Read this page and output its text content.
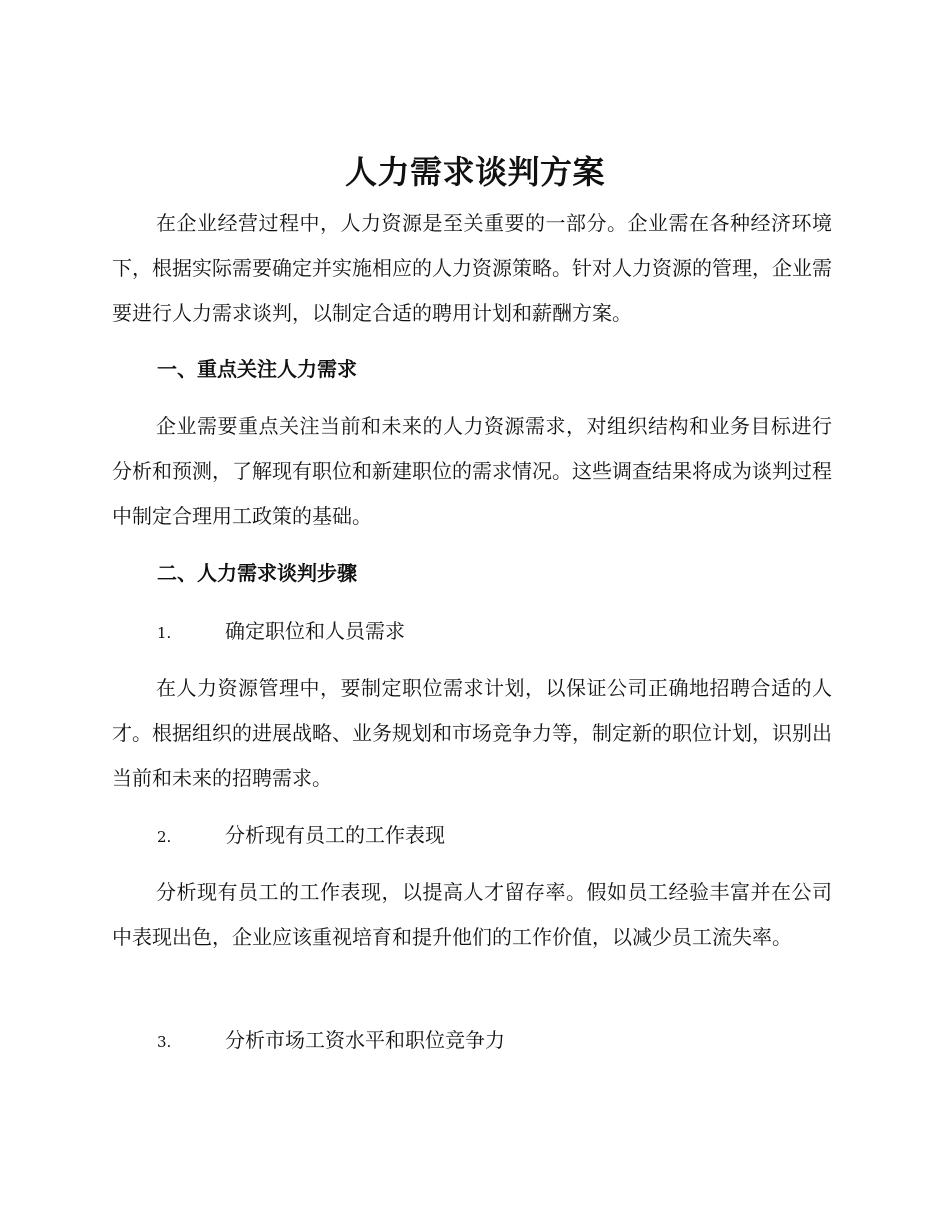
人力需求谈判方案
在企业经营过程中，人力资源是至关重要的一部分。企业需在各种经济环境下，根据实际需要确定并实施相应的人力资源策略。针对人力资源的管理，企业需要进行人力需求谈判，以制定合适的聘用计划和薪酬方案。
一、重点关注人力需求
企业需要重点关注当前和未来的人力资源需求，对组织结构和业务目标进行分析和预测，了解现有职位和新建职位的需求情况。这些调查结果将成为谈判过程中制定合理用工政策的基础。
二、人力需求谈判步骤
1.	确定职位和人员需求
在人力资源管理中，要制定职位需求计划，以保证公司正确地招聘合适的人才。根据组织的进展战略、业务规划和市场竞争力等，制定新的职位计划，识别出当前和未来的招聘需求。
2.	分析现有员工的工作表现
分析现有员工的工作表现，以提高人才留存率。假如员工经验丰富并在公司中表现出色，企业应该重视培育和提升他们的工作价值，以减少员工流失率。
3.	分析市场工资水平和职位竞争力
